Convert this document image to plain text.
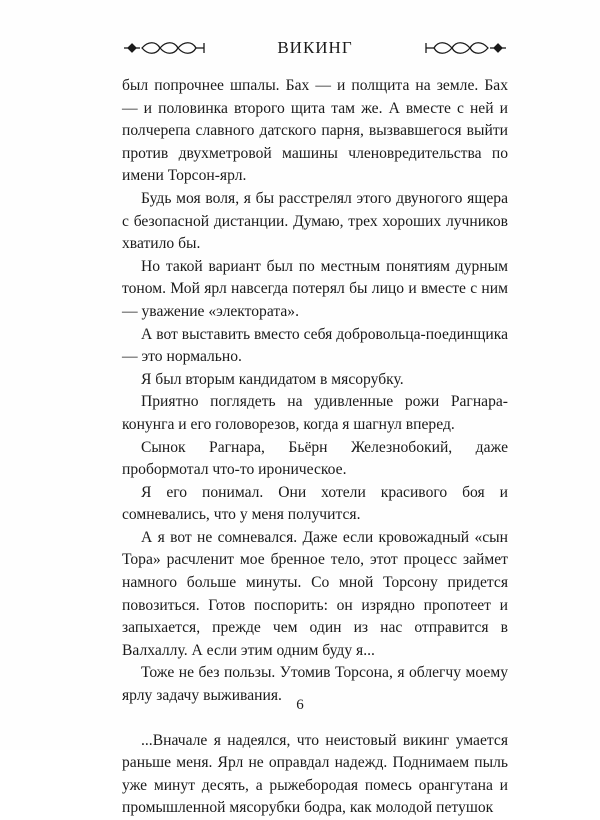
ВИКИНГ

был попрочнее шпалы. Бах — и полщита на земле. Бах — и половинка второго щита там же. А вместе с ней и полчерепа славного датского парня, вызвавшегося выйти против двухметровой машины членовредительства по имени Торсон-ярл.

Будь моя воля, я бы расстрелял этого двуногого ящера с безопасной дистанции. Думаю, трех хороших лучников хватило бы.

Но такой вариант был по местным понятиям дурным тоном. Мой ярл навсегда потерял бы лицо и вместе с ним — уважение «электората».

А вот выставить вместо себя добровольца-поединщика — это нормально.

Я был вторым кандидатом в мясорубку.

Приятно поглядеть на удивленные рожи Рагнара-конунга и его головорезов, когда я шагнул вперед.

Сынок Рагнара, Бьёрн Железнобокий, даже пробормотал что-то ироническое.

Я его понимал. Они хотели красивого боя и сомневались, что у меня получится.

А я вот не сомневался. Даже если кровожадный «сын Тора» расчленит мое бренное тело, этот процесс займет намного больше минуты. Со мной Торсону придется повозиться. Готов поспорить: он изрядно пропотеет и запыхается, прежде чем один из нас отправится в Валхаллу. А если этим одним буду я...

Тоже не без пользы. Утомив Торсона, я облегчу моему ярлу задачу выживания.

...Вначале я надеялся, что неистовый викинг умается раньше меня. Ярл не оправдал надежд. Поднимаем пыль уже минут десять, а рыжебородая помесь орангутана и промышленной мясорубки бодра, как молодой петушок

6
